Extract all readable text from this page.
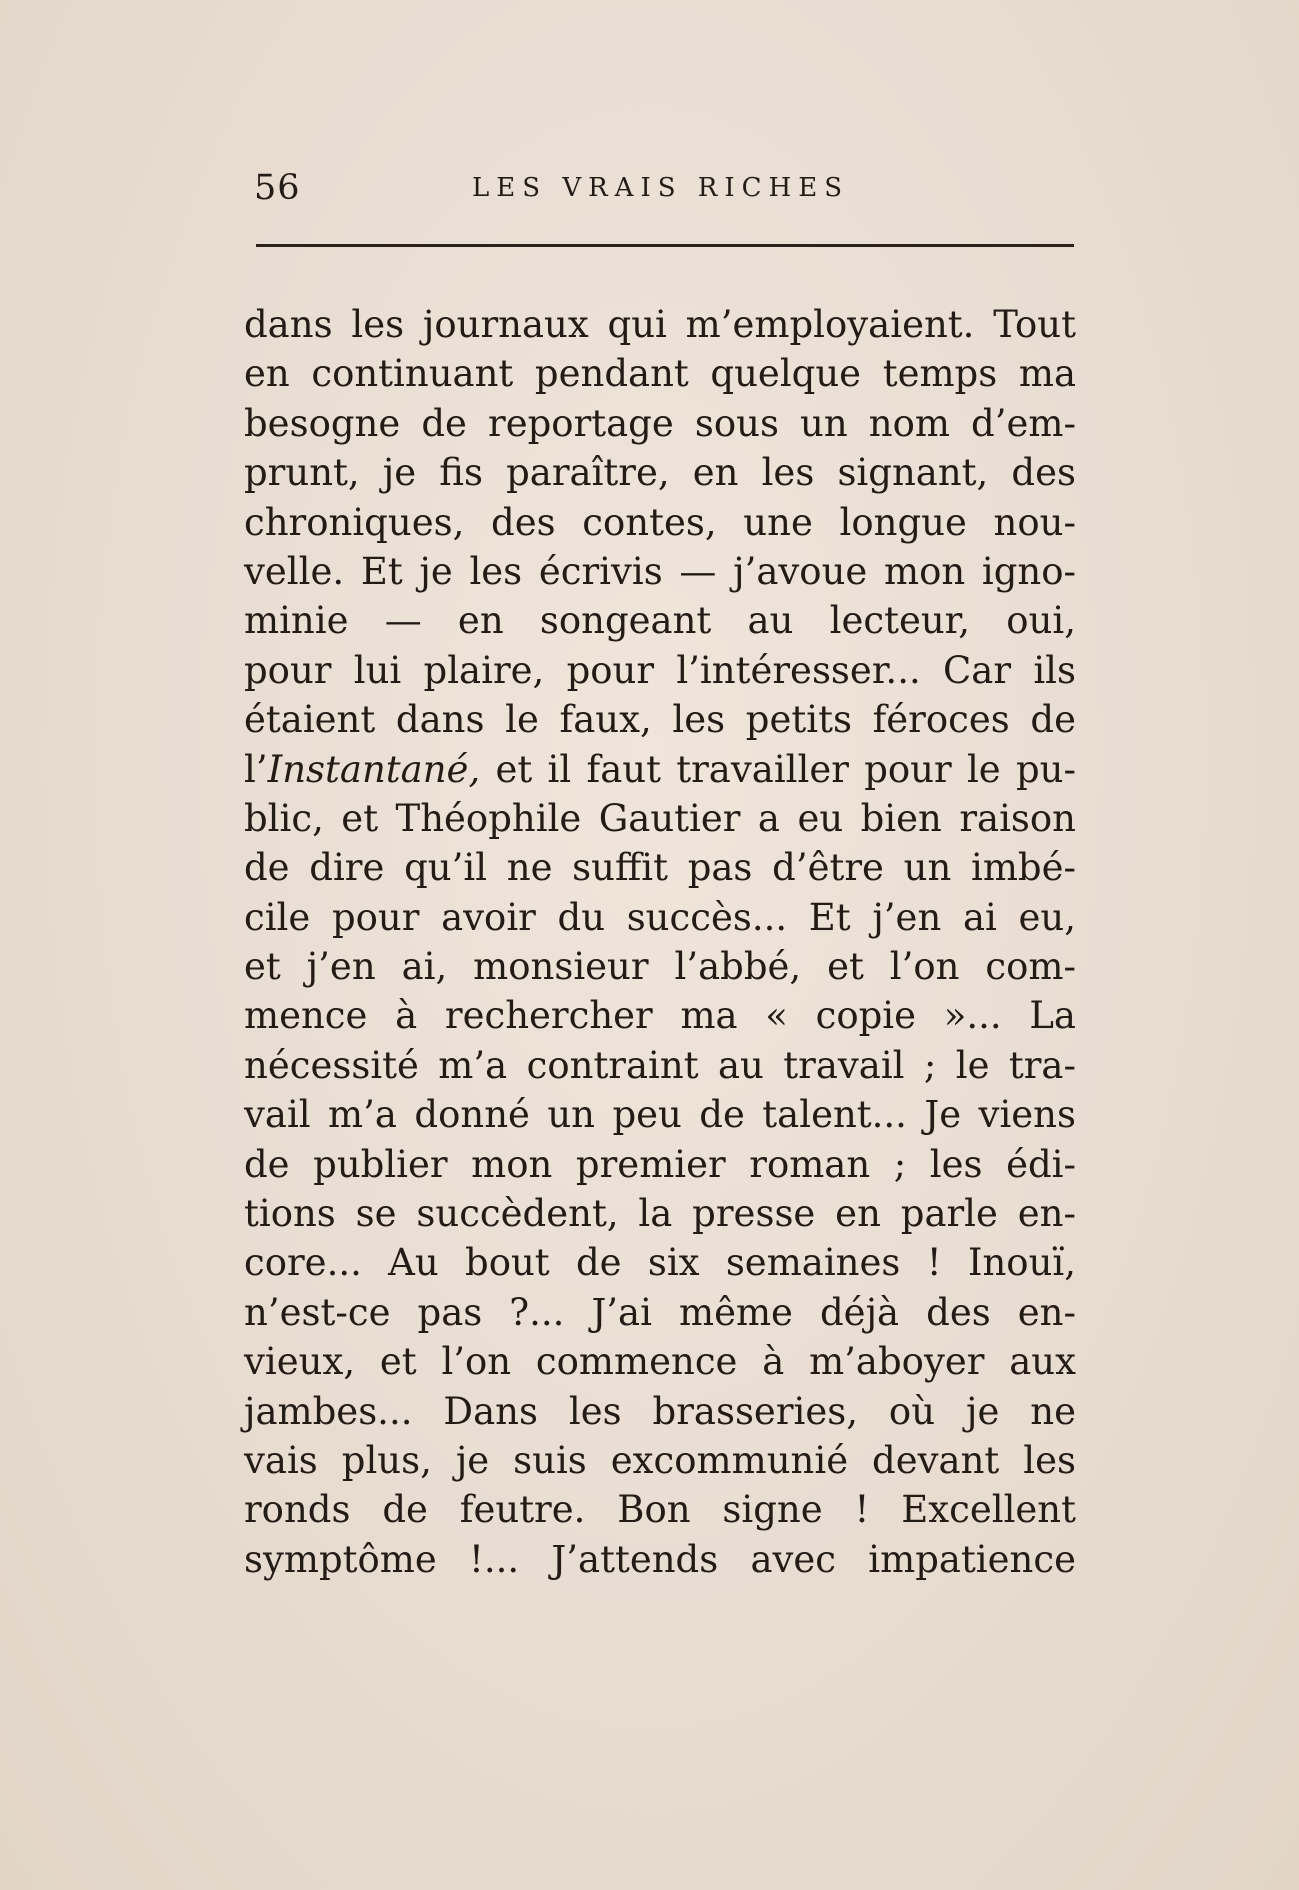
56	LES VRAIS RICHES
dans les journaux qui m’employaient. Tout
en continuant pendant quelque temps ma
besogne de reportage sous un nom d’em-
prunt, je fis paraître, en les signant, des
chroniques, des contes, une longue nou-
velle. Et je les écrivis — j’avoue mon igno-
minie — en songeant au lecteur, oui,
pour lui plaire, pour l’intéresser... Car ils
étaient dans le faux, les petits féroces de
l’Instantané, et il faut travailler pour le pu-
blic, et Théophile Gautier a eu bien raison
de dire qu’il ne suffit pas d’être un imbé-
cile pour avoir du succès... Et j’en ai eu,
et j’en ai, monsieur l’abbé, et l’on com-
mence à rechercher ma « copie »... La
nécessité m’a contraint au travail ; le tra-
vail m’a donné un peu de talent... Je viens
de publier mon premier roman ; les édi-
tions se succèdent, la presse en parle en-
core... Au bout de six semaines ! Inouï,
n’est-ce pas ?... J’ai même déjà des en-
vieux, et l’on commence à m’aboyer aux
jambes... Dans les brasseries, où je ne
vais plus, je suis excommunié devant les
ronds de feutre. Bon signe ! Excellent
symptôme !... J’attends avec impatience
